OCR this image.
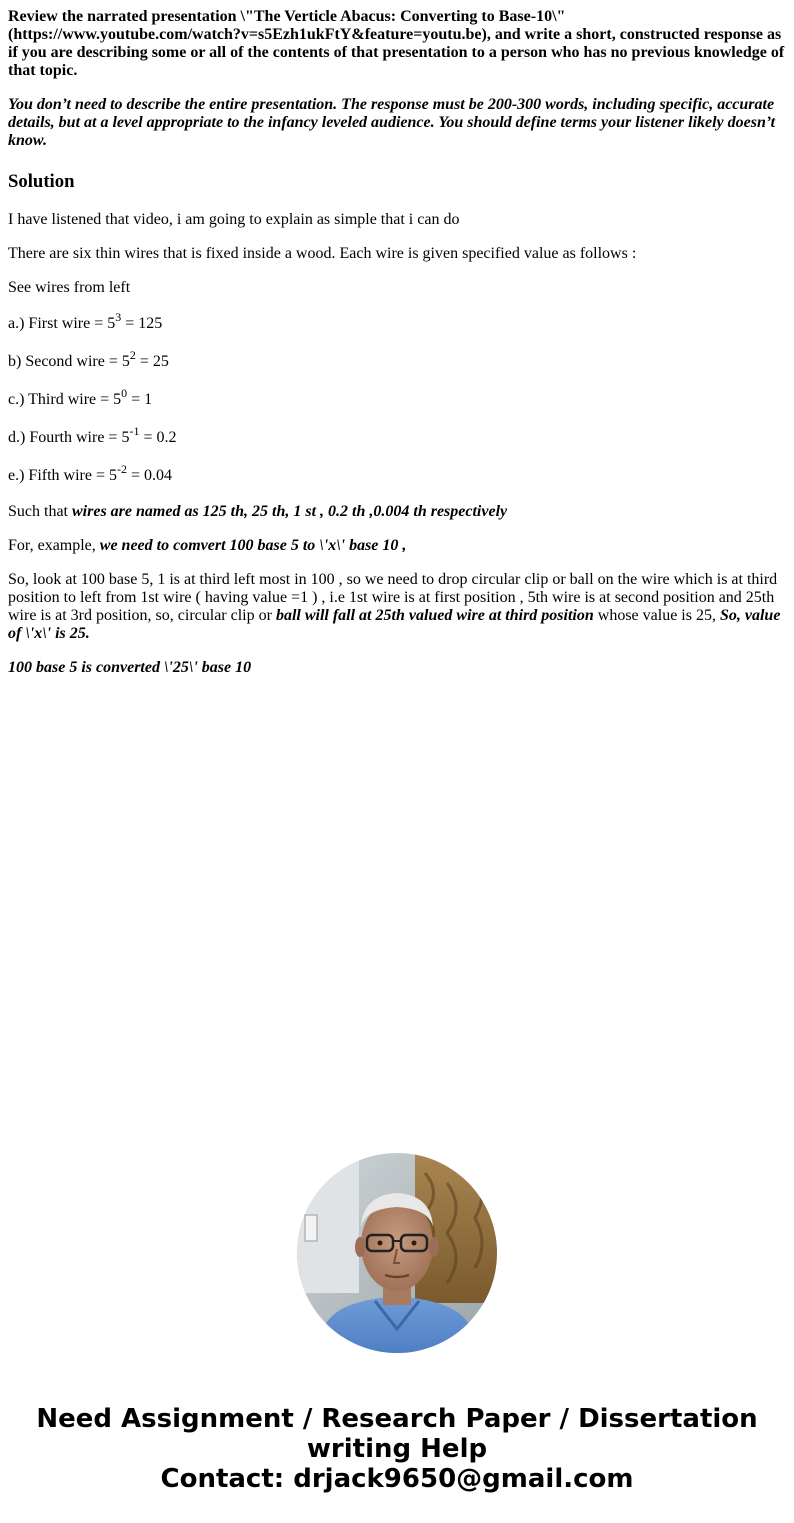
Review the narrated presentation \"The Verticle Abacus: Converting to Base-10\" (https://www.youtube.com/watch?v=s5Ezh1ukFtY&feature=youtu.be), and write a short, constructed response as if you are describing some or all of the contents of that presentation to a person who has no previous knowledge of that topic.

You don’t need to describe the entire presentation. The response must be 200-300 words, including specific, accurate details, but at a level appropriate to the infancy leveled audience. You should define terms your listener likely doesn’t know.

Solution

I have listened that video, i am going to explain as simple that i can do

There are six thin wires that is fixed inside a wood. Each wire is given specified value as follows :

See wires from left

a.) First wire = $5^3 = 125$

b) Second wire = $5^2 = 25$

c.) Third wire = $5^0 = 1$

d.) Fourth wire = $5^{-1} = 0.2$

e.) Fifth wire = $5^{-2} = 0.04$

Such that wires are named as 125 th, 25 th, 1 st , 0.2 th ,0.004 th respectively

For, example, we need to comvert 100 base 5 to \'x\' base 10 ,

So, look at 100 base 5, 1 is at third left most in 100 , so we need to drop circular clip or ball on the wire which is at third position to left from 1st wire ( having value =1 ) , i.e 1st wire is at first position , 5th wire is at second position and 25th wire is at 3rd position, so, circular clip or ball will fall at 25th valued wire at third position whose value is 25, So, value of \'x\' is 25.

100 base 5 is converted \'25\' base 10

Need Assignment / Research Paper / Dissertation
writing Help
Contact: drjack9650@gmail.com
